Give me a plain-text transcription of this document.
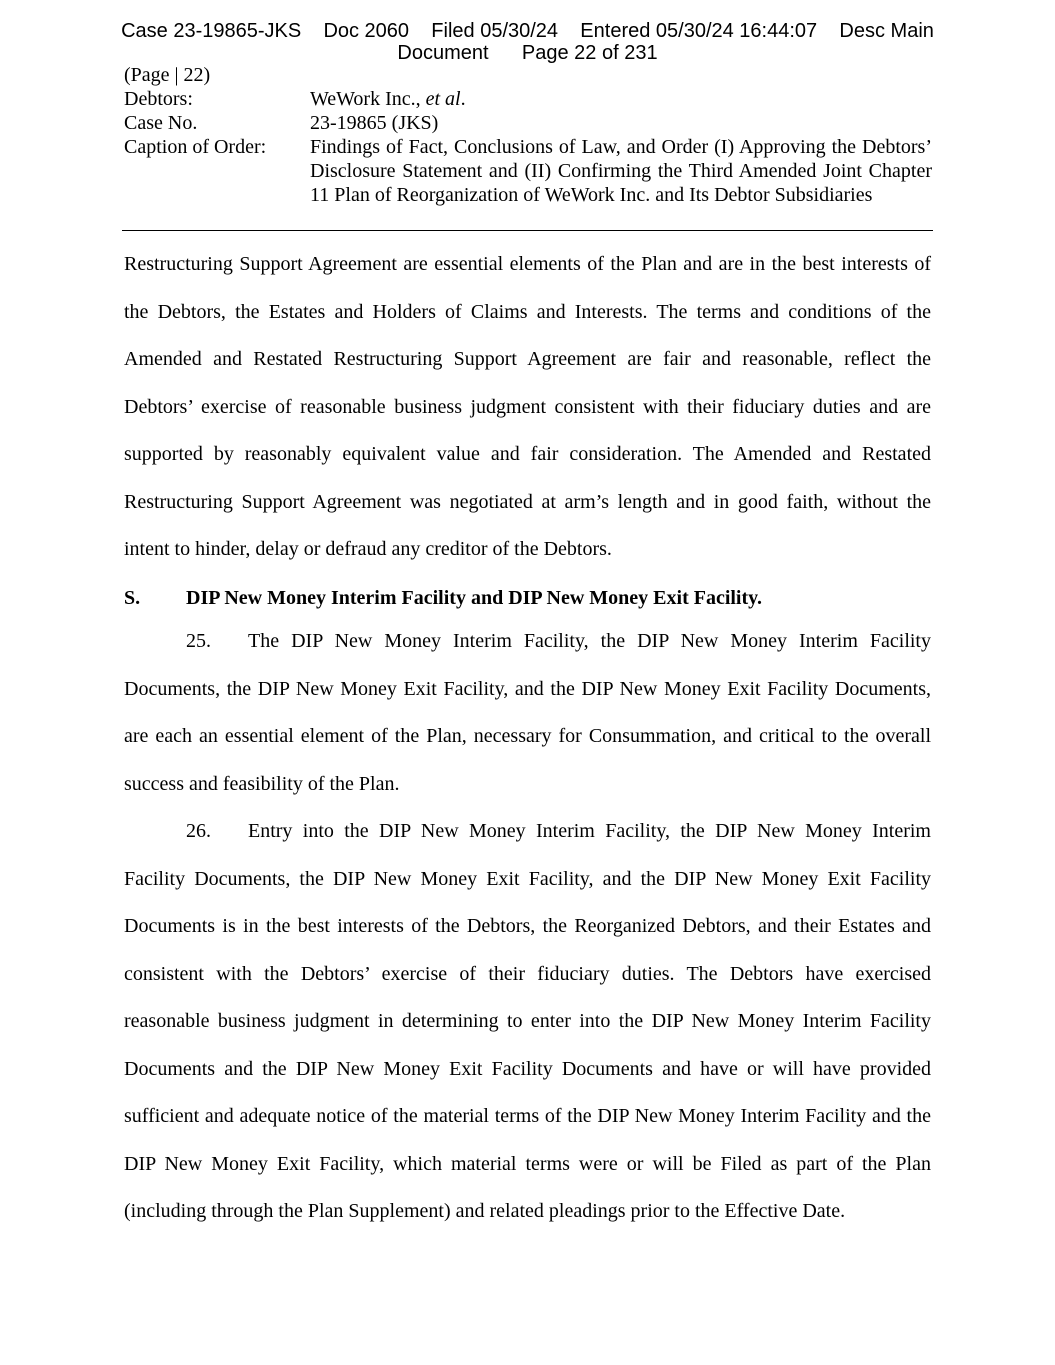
Case 23-19865-JKS Doc 2060 Filed 05/30/24 Entered 05/30/24 16:44:07 Desc Main
Document Page 22 of 231
(Page | 22)
Debtors:	WeWork Inc., et al.
Case No.	23-19865 (JKS)
Caption of Order:	Findings of Fact, Conclusions of Law, and Order (I) Approving the Debtors’ Disclosure Statement and (II) Confirming the Third Amended Joint Chapter 11 Plan of Reorganization of WeWork Inc. and Its Debtor Subsidiaries
Restructuring Support Agreement are essential elements of the Plan and are in the best interests of the Debtors, the Estates and Holders of Claims and Interests. The terms and conditions of the Amended and Restated Restructuring Support Agreement are fair and reasonable, reflect the Debtors’ exercise of reasonable business judgment consistent with their fiduciary duties and are supported by reasonably equivalent value and fair consideration. The Amended and Restated Restructuring Support Agreement was negotiated at arm’s length and in good faith, without the intent to hinder, delay or defraud any creditor of the Debtors.
S. DIP New Money Interim Facility and DIP New Money Exit Facility.
25. The DIP New Money Interim Facility, the DIP New Money Interim Facility Documents, the DIP New Money Exit Facility, and the DIP New Money Exit Facility Documents, are each an essential element of the Plan, necessary for Consummation, and critical to the overall success and feasibility of the Plan.
26. Entry into the DIP New Money Interim Facility, the DIP New Money Interim Facility Documents, the DIP New Money Exit Facility, and the DIP New Money Exit Facility Documents is in the best interests of the Debtors, the Reorganized Debtors, and their Estates and consistent with the Debtors’ exercise of their fiduciary duties. The Debtors have exercised reasonable business judgment in determining to enter into the DIP New Money Interim Facility Documents and the DIP New Money Exit Facility Documents and have or will have provided sufficient and adequate notice of the material terms of the DIP New Money Interim Facility and the DIP New Money Exit Facility, which material terms were or will be Filed as part of the Plan (including through the Plan Supplement) and related pleadings prior to the Effective Date.
